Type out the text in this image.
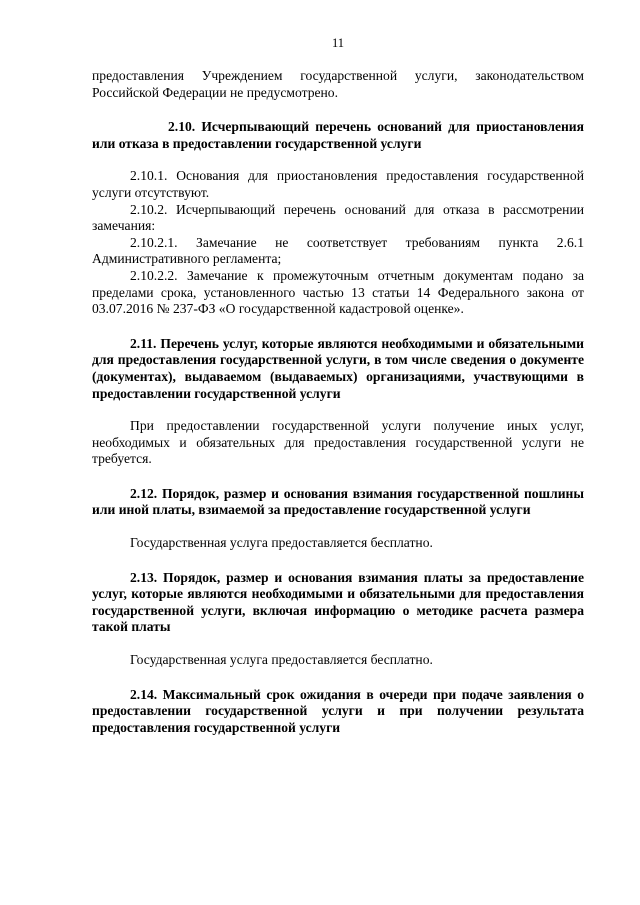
11

предоставления Учреждением государственной услуги, законодательством Российской Федерации не предусмотрено.

2.10. Исчерпывающий перечень оснований для приостановления или отказа в предоставлении государственной услуги

2.10.1. Основания для приостановления предоставления государственной услуги отсутствуют.

2.10.2. Исчерпывающий перечень оснований для отказа в рассмотрении замечания:

2.10.2.1. Замечание не соответствует требованиям пункта 2.6.1 Административного регламента;

2.10.2.2. Замечание к промежуточным отчетным документам подано за пределами срока, установленного частью 13 статьи 14 Федерального закона от 03.07.2016 № 237-ФЗ «О государственной кадастровой оценке».

2.11. Перечень услуг, которые являются необходимыми и обязательными для предоставления государственной услуги, в том числе сведения о документе (документах), выдаваемом (выдаваемых) организациями, участвующими в предоставлении государственной услуги

При предоставлении государственной услуги получение иных услуг, необходимых и обязательных для предоставления государственной услуги не требуется.

2.12. Порядок, размер и основания взимания государственной пошлины или иной платы, взимаемой за предоставление государственной услуги

Государственная услуга предоставляется бесплатно.

2.13. Порядок, размер и основания взимания платы за предоставление услуг, которые являются необходимыми и обязательными для предоставления государственной услуги, включая информацию о методике расчета размера такой платы

Государственная услуга предоставляется бесплатно.

2.14. Максимальный срок ожидания в очереди при подаче заявления о предоставлении государственной услуги и при получении результата предоставления государственной услуги
